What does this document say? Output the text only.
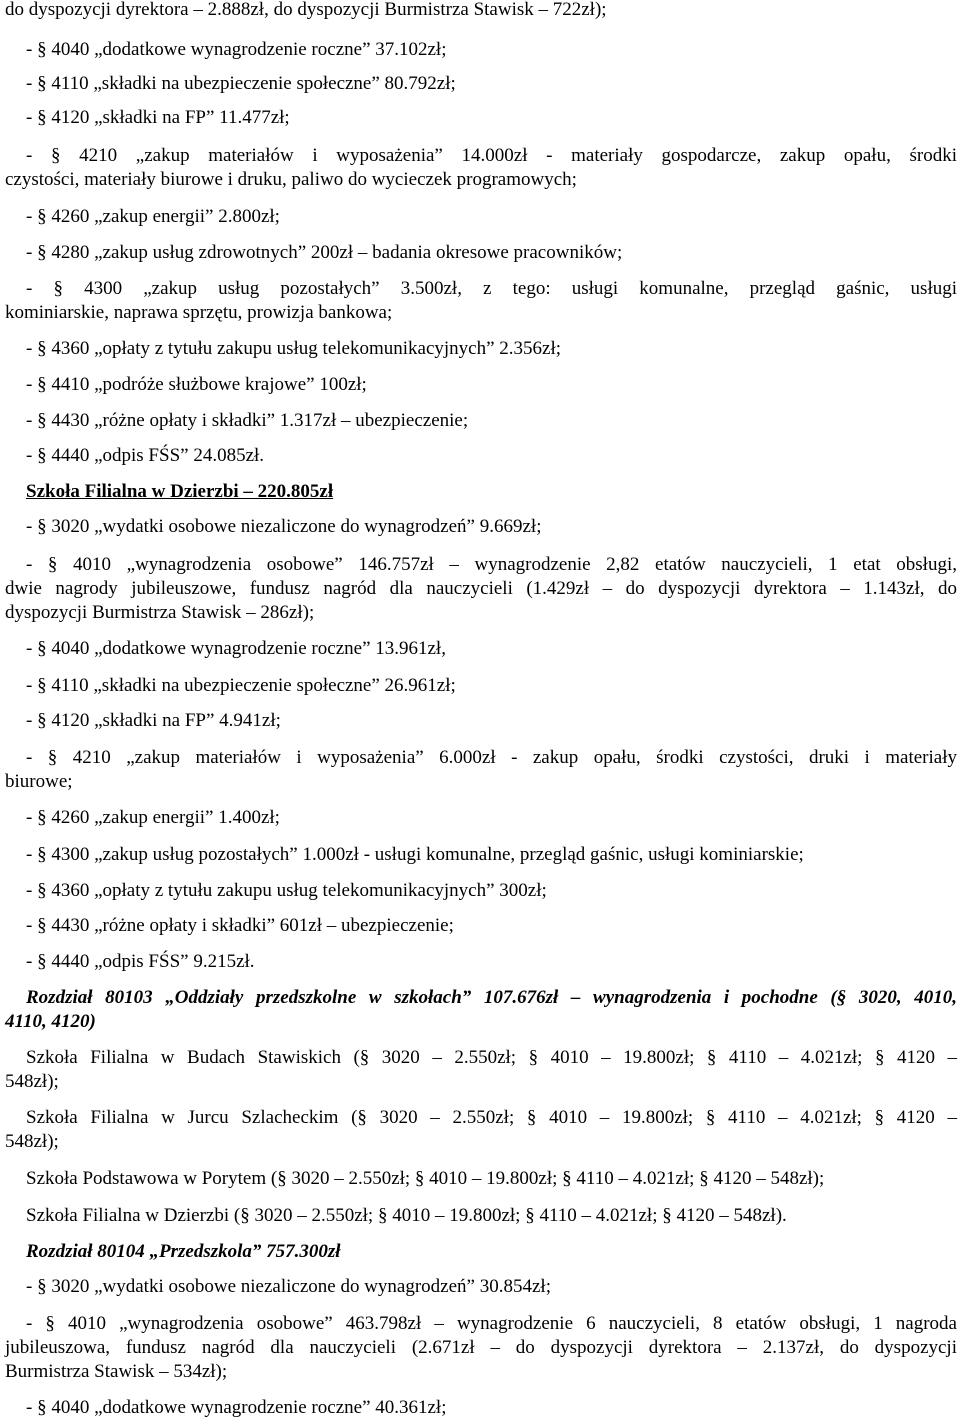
do dyspozycji dyrektora – 2.888zł, do dyspozycji Burmistrza Stawisk – 722zł);

- § 4040 „dodatkowe wynagrodzenie roczne” 37.102zł;

- § 4110 „składki na ubezpieczenie społeczne” 80.792zł;

- § 4120 „składki na FP” 11.477zł;

- § 4210 „zakup materiałów i wyposażenia” 14.000zł - materiały gospodarcze, zakup opału, środki
czystości, materiały biurowe i druku, paliwo do wycieczek programowych;

- § 4260 „zakup energii” 2.800zł;

- § 4280 „zakup usług zdrowotnych” 200zł – badania okresowe pracowników;

- § 4300 „zakup usług pozostałych” 3.500zł, z tego: usługi komunalne, przegląd gaśnic, usługi
kominiarskie, naprawa sprzętu, prowizja bankowa;

- § 4360 „opłaty z tytułu zakupu usług telekomunikacyjnych” 2.356zł;

- § 4410 „podróże służbowe krajowe” 100zł;

- § 4430 „różne opłaty i składki” 1.317zł – ubezpieczenie;

- § 4440 „odpis FŚS” 24.085zł.

Szkoła Filialna w Dzierzbi – 220.805zł

- § 3020 „wydatki osobowe niezaliczone do wynagrodzeń” 9.669zł;

- § 4010 „wynagrodzenia osobowe” 146.757zł – wynagrodzenie 2,82 etatów nauczycieli, 1 etat obsługi,
dwie nagrody jubileuszowe, fundusz nagród dla nauczycieli (1.429zł – do dyspozycji dyrektora – 1.143zł, do
dyspozycji Burmistrza Stawisk – 286zł);

- § 4040 „dodatkowe wynagrodzenie roczne” 13.961zł,

- § 4110 „składki na ubezpieczenie społeczne” 26.961zł;

- § 4120 „składki na FP” 4.941zł;

- § 4210 „zakup materiałów i wyposażenia” 6.000zł - zakup opału, środki czystości, druki i materiały
biurowe;

- § 4260 „zakup energii” 1.400zł;

- § 4300 „zakup usług pozostałych” 1.000zł - usługi komunalne, przegląd gaśnic, usługi kominiarskie;

- § 4360 „opłaty z tytułu zakupu usług telekomunikacyjnych” 300zł;

- § 4430 „różne opłaty i składki” 601zł – ubezpieczenie;

- § 4440 „odpis FŚS” 9.215zł.

Rozdział 80103 „Oddziały przedszkolne w szkołach” 107.676zł – wynagrodzenia i pochodne (§ 3020, 4010,
4110, 4120)

Szkoła Filialna w Budach Stawiskich (§ 3020 – 2.550zł; § 4010 – 19.800zł; § 4110 – 4.021zł; § 4120 –
548zł);

Szkoła Filialna w Jurcu Szlacheckim (§ 3020 – 2.550zł; § 4010 – 19.800zł; § 4110 – 4.021zł; § 4120 –
548zł);

Szkoła Podstawowa w Porytem (§ 3020 – 2.550zł; § 4010 – 19.800zł; § 4110 – 4.021zł; § 4120 – 548zł);

Szkoła Filialna w Dzierzbi (§ 3020 – 2.550zł; § 4010 – 19.800zł; § 4110 – 4.021zł; § 4120 – 548zł).

Rozdział 80104 „Przedszkola” 757.300zł

- § 3020 „wydatki osobowe niezaliczone do wynagrodzeń” 30.854zł;

- § 4010 „wynagrodzenia osobowe” 463.798zł – wynagrodzenie 6 nauczycieli, 8 etatów obsługi, 1 nagroda
jubileuszowa, fundusz nagród dla nauczycieli (2.671zł – do dyspozycji dyrektora – 2.137zł, do dyspozycji
Burmistrza Stawisk – 534zł);

- § 4040 „dodatkowe wynagrodzenie roczne” 40.361zł;
